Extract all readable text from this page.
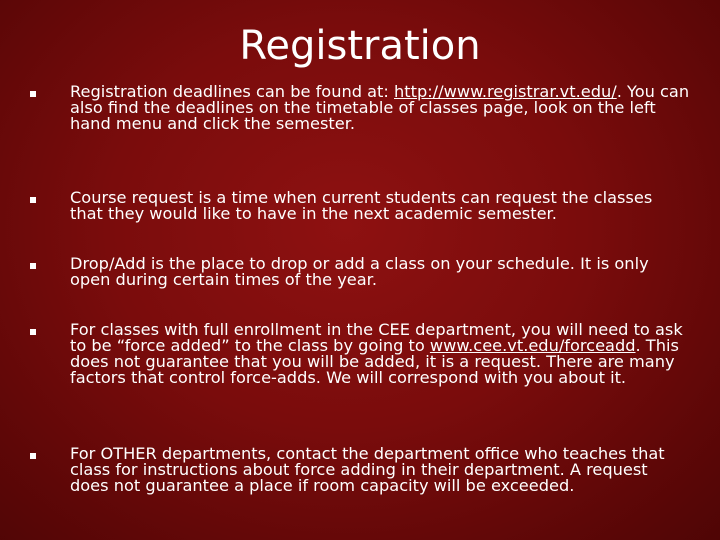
Registration
Registration deadlines can be found at: http://www.registrar.vt.edu/. You can also find the deadlines on the timetable of classes page, look on the left hand menu and click the semester.
Course request is a time when current students can request the classes that they would like to have in the next academic semester.
Drop/Add is the place to drop or add a class on your schedule. It is only open during certain times of the year.
For classes with full enrollment in the CEE department, you will need to ask to be “force added” to the class by going to www.cee.vt.edu/forceadd. This does not guarantee that you will be added, it is a request. There are many factors that control force-adds. We will correspond with you about it.
For OTHER departments, contact the department office who teaches that class for instructions about force adding in their department. A request does not guarantee a place if room capacity will be exceeded.
